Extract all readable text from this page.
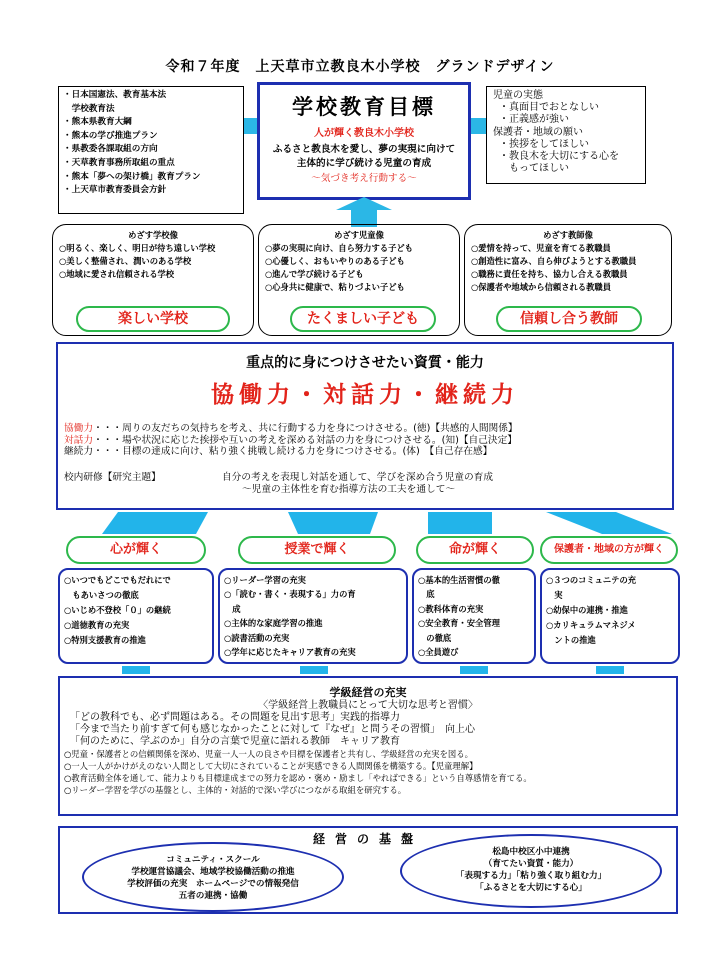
令和７年度　上天草市立教良木小学校　グランドデザイン
・日本国憲法、教育基本法
　学校教育法
・熊本県教育大綱
・熊本の学び推進プラン
・県教委各課取組の方向
・天草教育事務所取組の重点
・熊本「夢への架け橋」教育プラン
・上天草市教育委員会方針
学校教育目標
人が輝く教良木小学校
ふるさと教良木を愛し、夢の実現に向けて
主体的に学び続ける児童の育成
～気づき考え行動する～
児童の実態
・真面目でおとなしい
・正義感が強い
保護者・地域の願い
・挨拶をしてほしい
・教良木を大切にする心を
　もってほしい
めざす学校像
○明るく、楽しく、明日が待ち遠しい学校
○美しく整備され、潤いのある学校
○地域に愛され信頼される学校
めざす児童像
○夢の実現に向け、自ら努力する子ども
○心優しく、おもいやりのある子ども
○進んで学び続ける子ども
○心身共に健康で、粘りづよい子ども
めざす教師像
○愛情を持って、児童を育てる教職員
○創造性に富み、自ら伸びようとする教職員
○職務に責任を持ち、協力し合える教職員
○保護者や地域から信頼される教職員
楽しい学校	たくましい子ども	信頼し合う教師
重点的に身につけさせたい資質・能力
協働力・対話力・継続力
協働力・・・周りの友だちの気持ちを考え、共に行動する力を身につけさせる。(徳)【共感的人間関係】
対話力・・・場や状況に応じた挨拶や互いの考えを深める対話の力を身につけさせる。(知)【自己決定】
継続力・・・目標の達成に向け、粘り強く挑戦し続ける力を身につけさせる。(体)　【自己存在感】
校内研修【研究主題】	自分の考えを表現し対話を通して、学びを深め合う児童の育成
～児童の主体性を育む指導方法の工夫を通して～
心が輝く	授業で輝く	命が輝く	保護者・地域の方が輝く
○いつでもどこでもだれにで
　もあいさつの徹底
○いじめ不登校「０」の継続
○道徳教育の充実
○特別支援教育の推進
○リーダー学習の充実
○「読む・書く・表現する」力の育
　成
○主体的な家庭学習の推進
○読書活動の充実
○学年に応じたキャリア教育の充実
○基本的生活習慣の徹
　底
○教科体育の充実
○安全教育・安全管理
　の徹底
○全員遊び
○３つのコミュニテの充
　実
○幼保中の連携・推進
○カリキュラムマネジメ
　ントの推進
学級経営の充実
〈学級経営上教職員にとって大切な思考と習慣〉
「どの教科でも、必ず問題はある。その問題を見出す思考」実践的指導力
「今まで当たり前すぎて何も感じなかったことに対して『なぜ』と問うその習慣」　向上心
「何のために、学ぶのか」自分の言葉で児童に語れる教師　キャリア教育
○児童・保護者との信頼関係を深め、児童一人一人の良さや目標を保護者と共有し、学級経営の充実を図る。
○一人一人がかけがえのない人間として大切にされていることが実感できる人間関係を構築する。【児童理解】
○教育活動全体を通して、能力よりも目標達成までの努力を認め・褒め・励まし「やればできる」という自尊感情を育てる。
○リーダー学習を学びの基盤とし、主体的・対話的で深い学びにつながる取組を研究する。
経営の基盤
コミュニティ・スクール
学校運営協議会、地域学校協働活動の推進
学校評価の充実　ホームページでの情報発信
五者の連携・協働
松島中校区小中連携
（育てたい資質・能力）
「表現する力」「粘り強く取り組む力」
「ふるさとを大切にする心」
